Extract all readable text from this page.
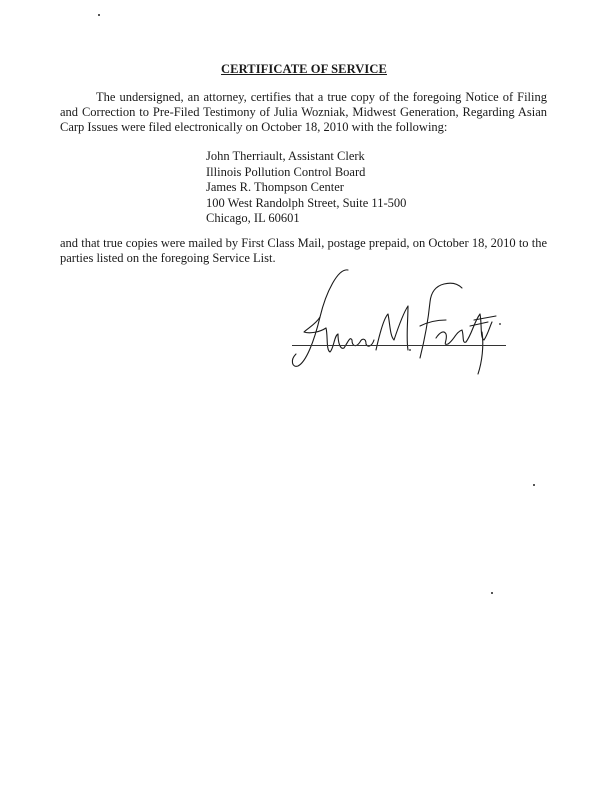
CERTIFICATE OF SERVICE
The undersigned, an attorney, certifies that a true copy of the foregoing Notice of Filing and Correction to Pre-Filed Testimony of Julia Wozniak, Midwest Generation, Regarding Asian Carp Issues were filed electronically on October 18, 2010 with the following:
John Therriault, Assistant Clerk
Illinois Pollution Control Board
James R. Thompson Center
100 West Randolph Street, Suite 11-500
Chicago, IL 60601
and that true copies were mailed by First Class Mail, postage prepaid, on October 18, 2010 to the parties listed on the foregoing Service List.
